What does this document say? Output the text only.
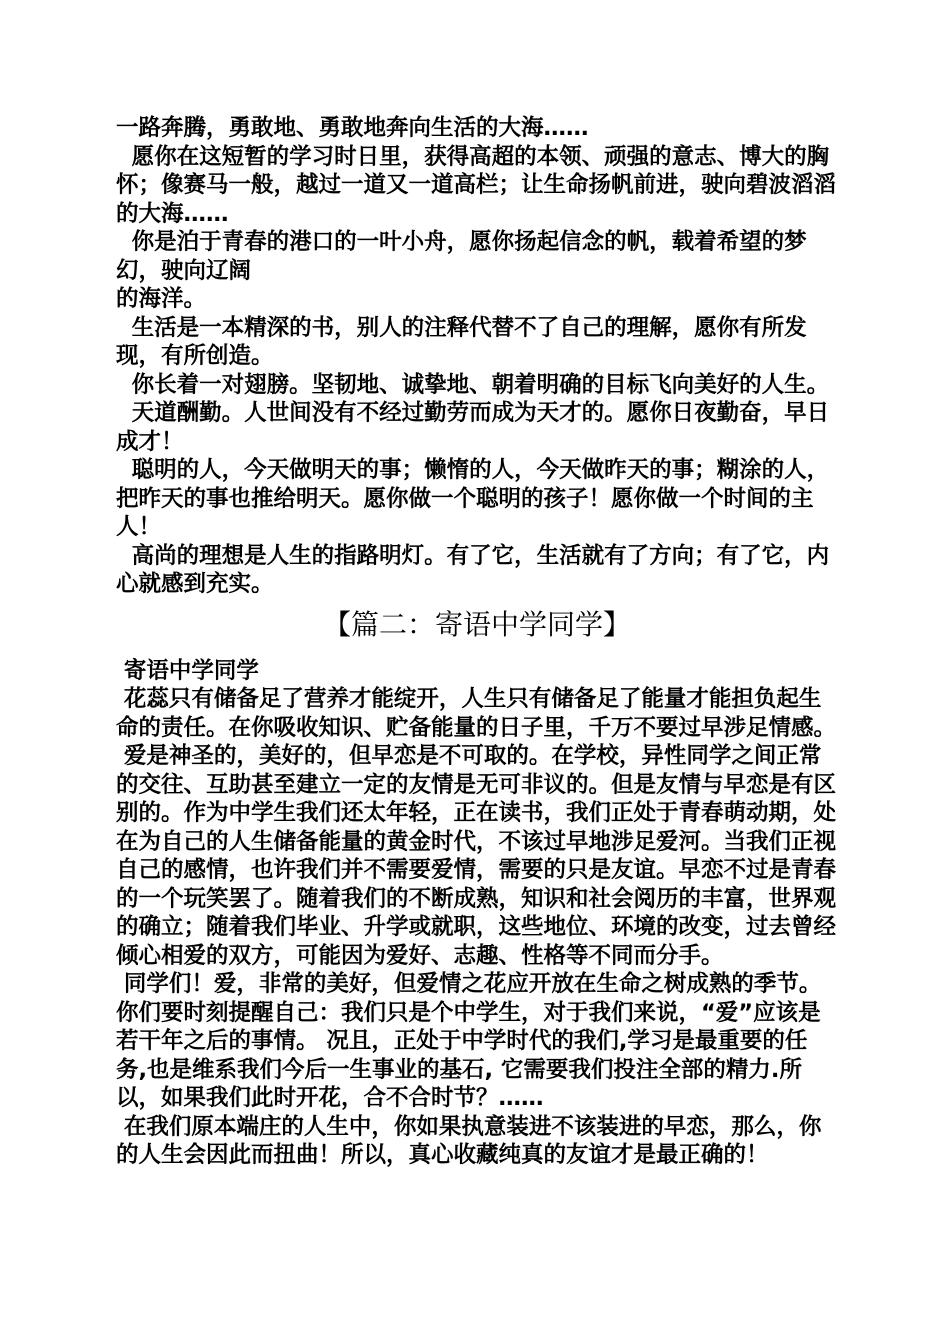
一路奔腾，勇敢地、勇敢地奔向生活的大海……

愿你在这短暂的学习时日里，获得高超的本领、顽强的意志、博大的胸怀；像赛马一般，越过一道又一道高栏；让生命扬帆前进，驶向碧波滔滔的大海……

你是泊于青春的港口的一叶小舟，愿你扬起信念的帆，载着希望的梦幻，驶向辽阔

的海洋。

生活是一本精深的书，别人的注释代替不了自己的理解，愿你有所发现，有所创造。

你长着一对翅膀。坚韧地、诚挚地、朝着明确的目标飞向美好的人生。

天道酬勤。人世间没有不经过勤劳而成为天才的。愿你日夜勤奋，早日成才！

聪明的人，今天做明天的事；懒惰的人，今天做昨天的事；糊涂的人，把昨天的事也推给明天。愿你做一个聪明的孩子！愿你做一个时间的主人！

高尚的理想是人生的指路明灯。有了它，生活就有了方向；有了它，内心就感到充实。

【篇二：寄语中学同学】

寄语中学同学

花蕊只有储备足了营养才能绽开，人生只有储备足了能量才能担负起生命的责任。在你吸收知识、贮备能量的日子里，千万不要过早涉足情感。

爱是神圣的，美好的，但早恋是不可取的。在学校，异性同学之间正常的交往、互助甚至建立一定的友情是无可非议的。但是友情与早恋是有区别的。作为中学生我们还太年轻，正在读书，我们正处于青春萌动期，处在为自己的人生储备能量的黄金时代，不该过早地涉足爱河。当我们正视自己的感情，也许我们并不需要爱情，需要的只是友谊。早恋不过是青春的一个玩笑罢了。随着我们的不断成熟，知识和社会阅历的丰富，世界观的确立；随着我们毕业、升学或就职，这些地位、环境的改变，过去曾经倾心相爱的双方，可能因为爱好、志趣、性格等不同而分手。

同学们！爱，非常的美好，但爱情之花应开放在生命之树成熟的季节。 你们要时刻提醒自己：我们只是个中学生，对于我们来说，“爱”应该是若干年之后的事情。 况且，正处于中学时代的我们,学习是最重要的任务,也是维系我们今后一生事业的基石, 它需要我们投注全部的精力.所以，如果我们此时开花，合不合时节？……

在我们原本端庄的人生中，你如果执意装进不该装进的早恋，那么，你的人生会因此而扭曲！所以，真心收藏纯真的友谊才是最正确的！
